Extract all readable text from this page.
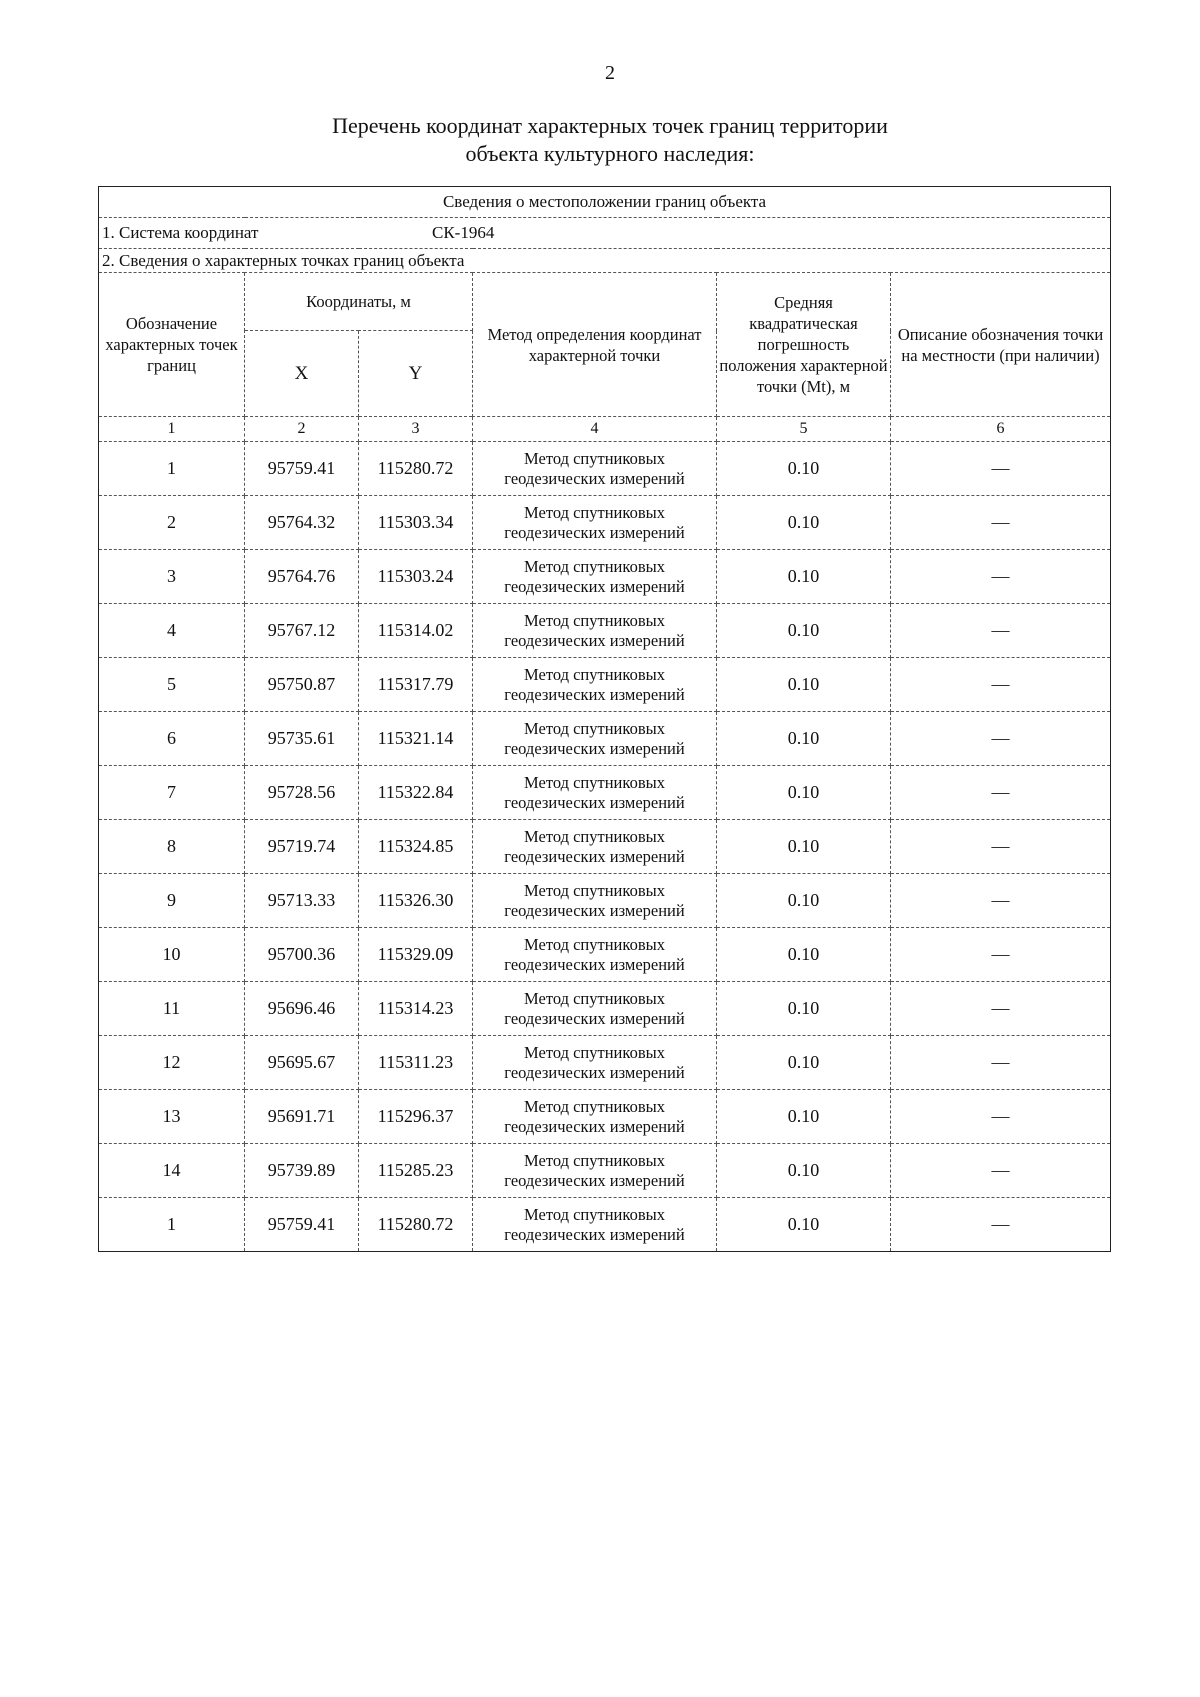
2
Перечень координат характерных точек границ территории
объекта культурного наследия:
Сведения о местоположении границ объекта					
1. Система координат СК-1964					
2. Сведения о характерных точках границ объекта					
Обозначение характерных точек границ	Координаты, м		Метод определения координат характерной точки	Средняя квадратическая погрешность положения характерной точки (Mt), м	Описание обозначения точки на местности (при наличии)
	X	Y			
1	2	3	4	5	6
1	95759.41	115280.72	Метод спутниковых геодезических измерений	0.10	—
2	95764.32	115303.34	Метод спутниковых геодезических измерений	0.10	—
3	95764.76	115303.24	Метод спутниковых геодезических измерений	0.10	—
4	95767.12	115314.02	Метод спутниковых геодезических измерений	0.10	—
5	95750.87	115317.79	Метод спутниковых геодезических измерений	0.10	—
6	95735.61	115321.14	Метод спутниковых геодезических измерений	0.10	—
7	95728.56	115322.84	Метод спутниковых геодезических измерений	0.10	—
8	95719.74	115324.85	Метод спутниковых геодезических измерений	0.10	—
9	95713.33	115326.30	Метод спутниковых геодезических измерений	0.10	—
10	95700.36	115329.09	Метод спутниковых геодезических измерений	0.10	—
11	95696.46	115314.23	Метод спутниковых геодезических измерений	0.10	—
12	95695.67	115311.23	Метод спутниковых геодезических измерений	0.10	—
13	95691.71	115296.37	Метод спутниковых геодезических измерений	0.10	—
14	95739.89	115285.23	Метод спутниковых геодезических измерений	0.10	—
1	95759.41	115280.72	Метод спутниковых геодезических измерений	0.10	—
